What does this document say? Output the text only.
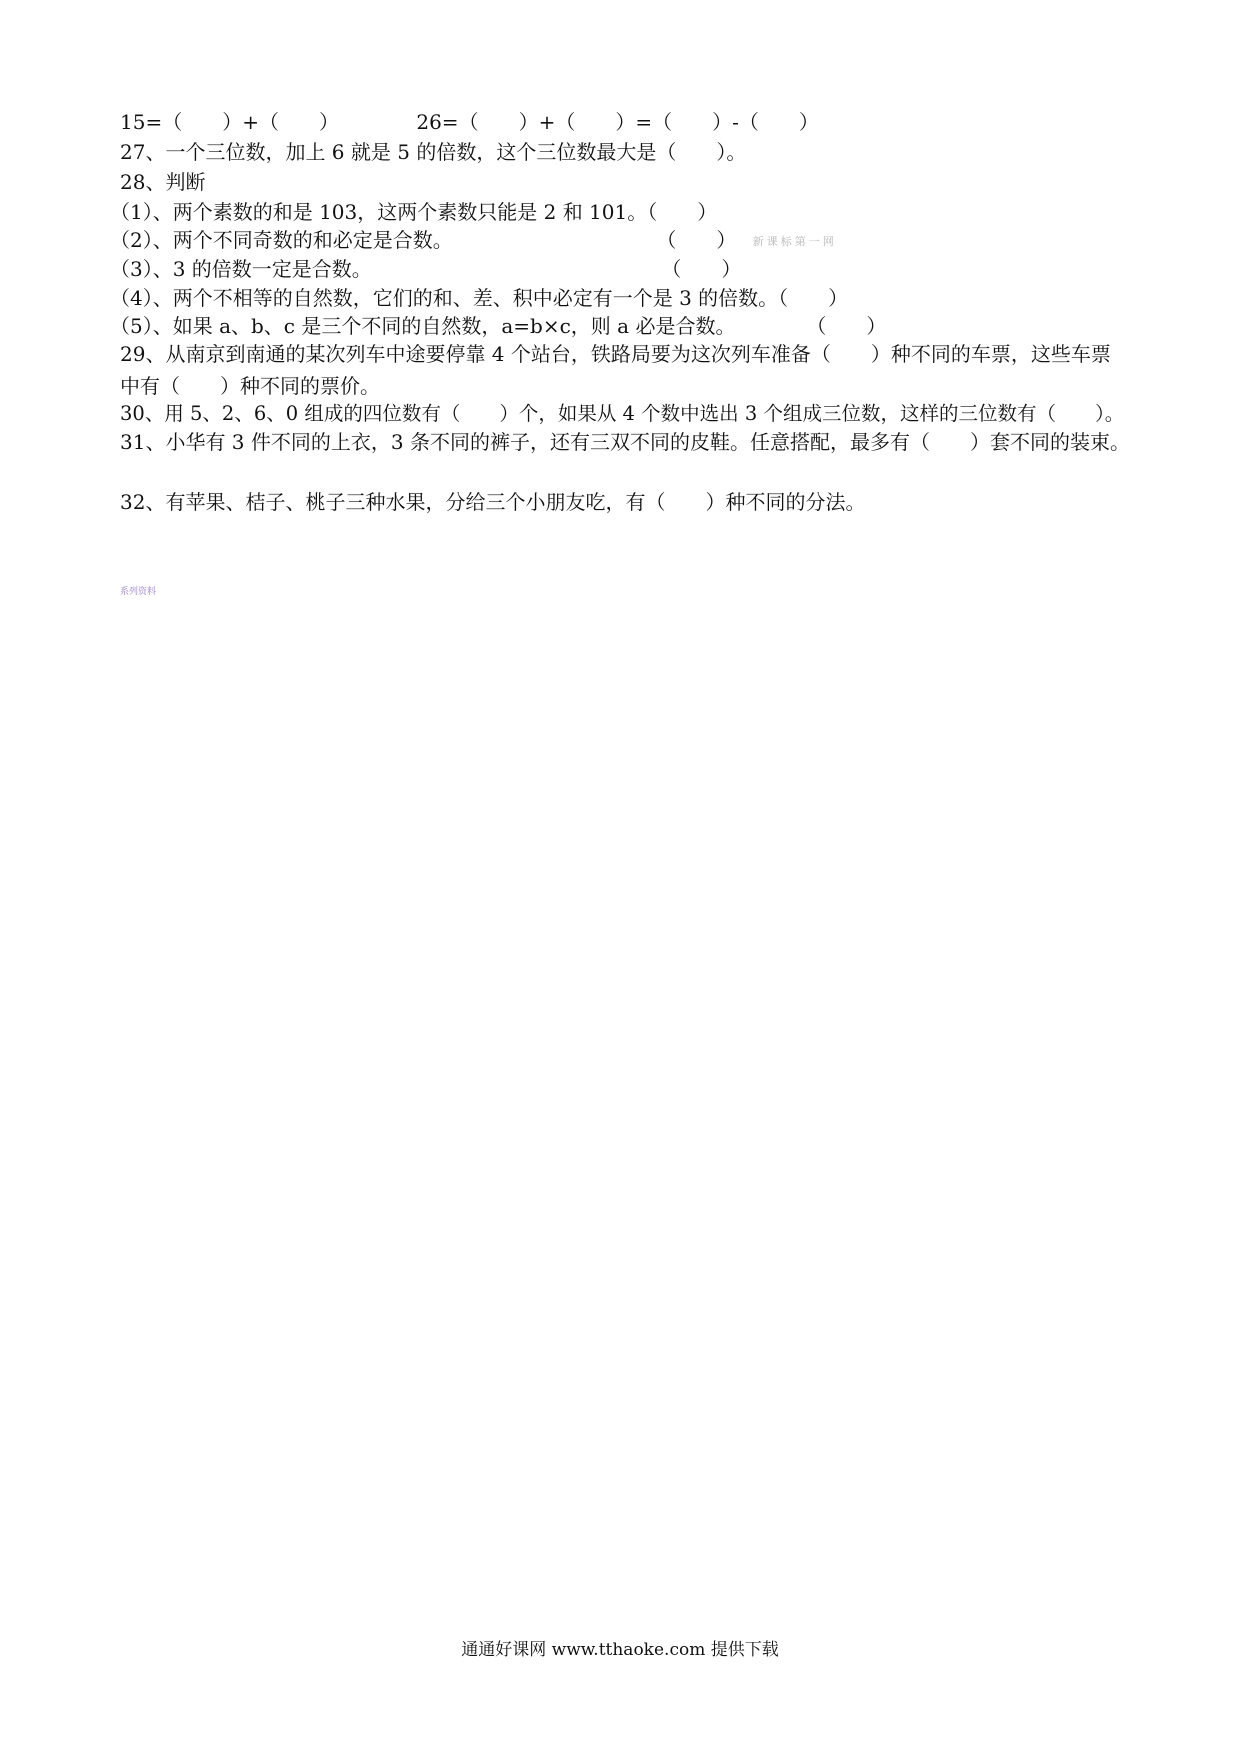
15=（　　）+（　　）	26=（　　）+（　　）=（　　）-（　　）
27、一个三位数，加上 6 就是 5 的倍数，这个三位数最大是（　　）。
28、判断
（1）、两个素数的和是 103，这两个素数只能是 2 和 101。（　　）
（2）、两个不同奇数的和必定是合数。	（　　） 新课标第一网
（3）、3 的倍数一定是合数。	（　　）
（4）、两个不相等的自然数，它们的和、差、积中必定有一个是 3 的倍数。（　　）
（5）、如果 a、b、c 是三个不同的自然数，a=b×c，则 a 必是合数。	（　　）
29、从南京到南通的某次列车中途要停靠 4 个站台，铁路局要为这次列车准备（　　）种不同的车票，这些车票中有（　　）种不同的票价。
30、用 5、2、6、0 组成的四位数有（　　）个，如果从 4 个数中选出 3 个组成三位数，这样的三位数有（　　）。
31、小华有 3 件不同的上衣，3 条不同的裤子，还有三双不同的皮鞋。任意搭配，最多有（　　）套不同的装束。
32、有苹果、桔子、桃子三种水果，分给三个小朋友吃，有（　　）种不同的分法。
系列资料
通通好课网 www.tthaoke.com 提供下载
